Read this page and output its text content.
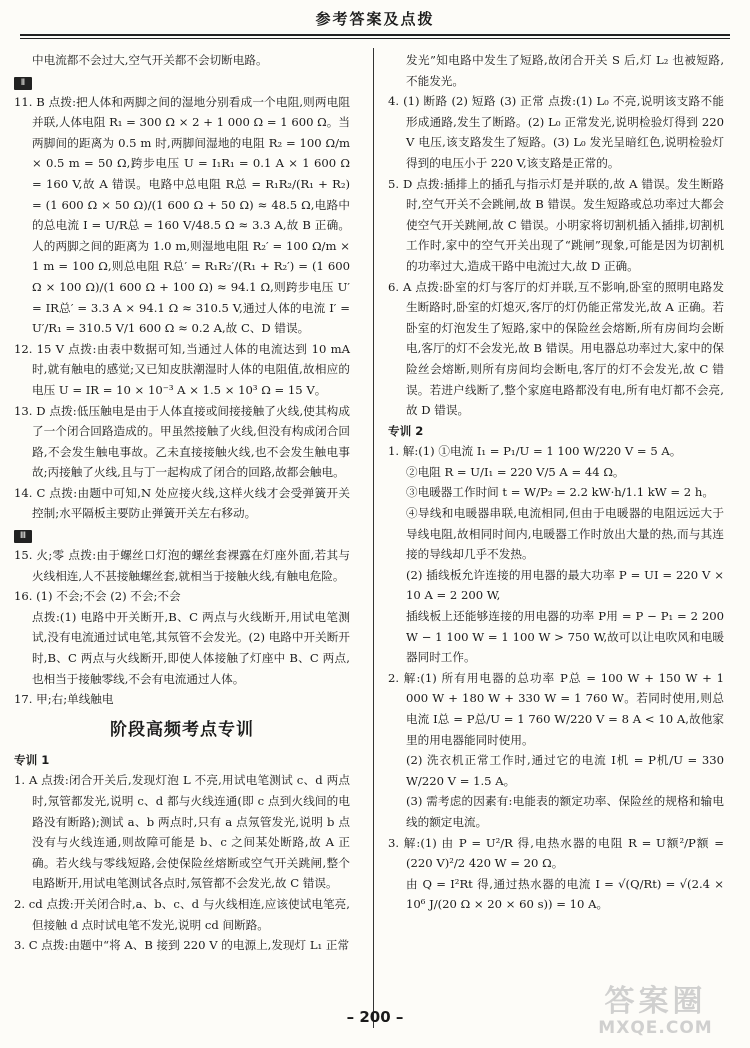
参考答案及点拨

中电流都不会过大,空气开关都不会切断电路。

Ⅱ

11. B 点拨:把人体和两脚之间的湿地分别看成一个电阻,则两电阻并联,人体电阻 R₁ = 300 Ω × 2 + 1 000 Ω = 1 600 Ω。当两脚间的距离为 0.5 m 时,两脚间湿地的电阻 R₂ = 100 Ω/m × 0.5 m = 50 Ω,跨步电压 U = I₁R₁ = 0.1 A × 1 600 Ω = 160 V,故 A 错误。电路中总电阻 R总 = R₁R₂/(R₁ + R₂) = (1 600 Ω × 50 Ω)/(1 600 Ω + 50 Ω) ≈ 48.5 Ω,电路中的总电流 I = U/R总 = 160 V/48.5 Ω ≈ 3.3 A,故 B 正确。人的两脚之间的距离为 1.0 m,则湿地电阻 R₂′ = 100 Ω/m × 1 m = 100 Ω,则总电阻 R总′ = R₁R₂′/(R₁ + R₂′) = (1 600 Ω × 100 Ω)/(1 600 Ω + 100 Ω) ≈ 94.1 Ω,则跨步电压 U′ = IR总′ = 3.3 A × 94.1 Ω ≈ 310.5 V,通过人体的电流 I′ = U′/R₁ = 310.5 V/1 600 Ω ≈ 0.2 A,故 C、D 错误。

12. 15 V 点拨:由表中数据可知,当通过人体的电流达到 10 mA 时,就有触电的感觉;又已知皮肤潮湿时人体的电阻值,故相应的电压 U = IR = 10 × 10⁻³ A × 1.5 × 10³ Ω = 15 V。

13. D 点拨:低压触电是由于人体直接或间接接触了火线,使其构成了一个闭合回路造成的。甲虽然接触了火线,但没有构成闭合回路,不会发生触电事故。乙未直接接触火线,也不会发生触电事故;丙接触了火线,且与丁一起构成了闭合的回路,故都会触电。

14. C 点拨:由题中可知,N 处应接火线,这样火线才会受弹簧开关控制;水平隔板主要防止弹簧开关左右移动。

Ⅲ

15. 火;零 点拨:由于螺丝口灯泡的螺丝套裸露在灯座外面,若其与火线相连,人不甚接触螺丝套,就相当于接触火线,有触电危险。

16. (1) 不会;不会 (2) 不会;不会

点拨:(1) 电路中开关断开,B、C 两点与火线断开,用试电笔测试,没有电流通过试电笔,其氖管不会发光。(2) 电路中开关断开时,B、C 两点与火线断开,即使人体接触了灯座中 B、C 两点,也相当于接触零线,不会有电流通过人体。

17. 甲;右;单线触电

阶段高频考点专训
专训 1

1. A 点拨:闭合开关后,发现灯泡 L 不亮,用试电笔测试 c、d 两点时,氖管都发光,说明 c、d 都与火线连通(即 c 点到火线间的电路没有断路);测试 a、b 两点时,只有 a 点氖管发光,说明 b 点没有与火线连通,则故障可能是 b、c 之间某处断路,故 A 正确。若火线与零线短路,会使保险丝熔断或空气开关跳闸,整个电路断开,用试电笔测试各点时,氖管都不会发光,故 C 错误。

2. cd 点拨:开关闭合时,a、b、c、d 与火线相连,应该使试电笔亮,但接触 d 点时试电笔不发光,说明 cd 间断路。

3. C 点拨:由题中“将 A、B 接到 220 V 的电源上,发现灯 L₁ 正常

发光”知电路中发生了短路,故闭合开关 S 后,灯 L₂ 也被短路,不能发光。

4. (1) 断路 (2) 短路 (3) 正常 点拨:(1) L₀ 不亮,说明该支路不能形成通路,发生了断路。(2) L₀ 正常发光,说明检验灯得到 220 V 电压,该支路发生了短路。(3) L₀ 发光呈暗红色,说明检验灯得到的电压小于 220 V,该支路是正常的。

5. D 点拨:插排上的插孔与指示灯是并联的,故 A 错误。发生断路时,空气开关不会跳闸,故 B 错误。发生短路或总功率过大都会使空气开关跳闸,故 C 错误。小明家将切割机插入插排,切割机工作时,家中的空气开关出现了“跳闸”现象,可能是因为切割机的功率过大,造成干路中电流过大,故 D 正确。

6. A 点拨:卧室的灯与客厅的灯并联,互不影响,卧室的照明电路发生断路时,卧室的灯熄灭,客厅的灯仍能正常发光,故 A 正确。若卧室的灯泡发生了短路,家中的保险丝会熔断,所有房间均会断电,客厅的灯不会发光,故 B 错误。用电器总功率过大,家中的保险丝会熔断,则所有房间均会断电,客厅的灯不会发光,故 C 错误。若进户线断了,整个家庭电路都没有电,所有电灯都不会亮,故 D 错误。

专训 2

1. 解:(1) ①电流 I₁ = P₁/U = 1 100 W/220 V = 5 A。

②电阻 R = U/I₁ = 220 V/5 A = 44 Ω。

③电暖器工作时间 t = W/P₂ = 2.2 kW·h/1.1 kW = 2 h。

④导线和电暖器串联,电流相同,但由于电暖器的电阻远远大于导线电阻,故相同时间内,电暖器工作时放出大量的热,而与其连接的导线却几乎不发热。

(2) 插线板允许连接的用电器的最大功率 P = UI = 220 V × 10 A = 2 200 W,

插线板上还能够连接的用电器的功率 P用 = P − P₁ = 2 200 W − 1 100 W = 1 100 W > 750 W,故可以让电吹风和电暖器同时工作。

2. 解:(1) 所有用电器的总功率 P总 = 100 W + 150 W + 1 000 W + 180 W + 330 W = 1 760 W。若同时使用,则总电流 I总 = P总/U = 1 760 W/220 V = 8 A < 10 A,故他家里的用电器能同时使用。

(2) 洗衣机正常工作时,通过它的电流 I机 = P机/U = 330 W/220 V = 1.5 A。

(3) 需考虑的因素有:电能表的额定功率、保险丝的规格和输电线的额定电流。

3. 解:(1) 由 P = U²/R 得,电热水器的电阻 R = U额²/P额 = (220 V)²/2 420 W = 20 Ω。

由 Q = I²Rt 得,通过热水器的电流 I = √(Q/Rt) = √(2.4 × 10⁶ J/(20 Ω × 20 × 60 s)) = 10 A。

– 200 –	答案圈
MXQE.COM
